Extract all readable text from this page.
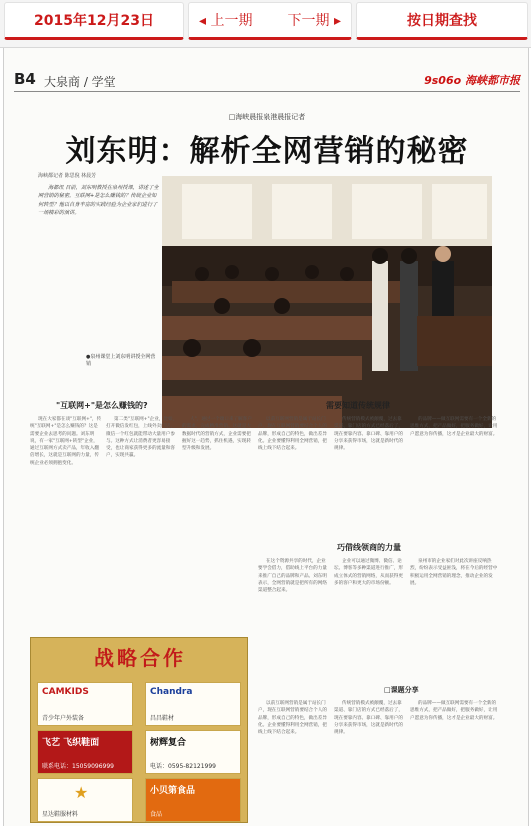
2015年12月23日	◂ 上一期	下一期 ▸	按日期查找
B4 大泉商 / 学堂	9s06o 海峡都市报
□海峡晨报泉港晨报记者
刘东明：解析全网营销的秘密
海峡都记者 陈思倪 林晨芳

海都讯 日前，刘东明教授在泉州授课，讲述了全网营销的秘密。互联网+是怎么赚钱的？传统企业如何转型？他以自身丰富的实践经验为企业家们进行了一场精彩的演讲。

●泉州课堂上刘东明讲授全网营销
"互联网+"是怎么赚钱的?	需要知道传统规律
巧借线领商的力量
□课题分享
现在大家都在谈"互联网+"，传统"互联网+"是怎么赚钱的？这是需要企业去思考的问题。刘东明说，有一家"互联网+转型"企业，通过互联网方式卖产品，年收入翻倍增长，这就是互联网的力量，传统企业必须拥抱变化。
第二类"互联网+"企业，比如，打开微信发红包，上线外卖门店，微信一个红包就能带动大量用户参与。这种方式让消费者更容易接受，也让商家获得更多的流量和客户，实现共赢。
人"，通过一个端口来了解客户的需求，完成精准营销。这就是大数据时代的营销方式，企业需要把握好这一趋势，抓住机遇，实现转型升级和发展。
以前互联网营销是属于站长门户，现在互联网营销要结合个人的品牌，形成自己的特色，做出差异化。企业要懂得利用全网营销，把线上线下结合起来。
传统营销模式被颠覆，过去靠渠道、靠门店的方式已经落后了，现在要靠内容、靠口碑、靠用户的分享来获得市场，这就是新时代的规律。
的品牌——做互联网需要有一个全新的思维方式，把产品做好，把服务做好，让用户愿意为你传播，这才是企业最大的财富。
在这个资源共享的时代，企业要学会借力，借助线上平台的力量来推广自己的品牌和产品。刘东明表示，全网营销就是把所有的网络渠道整合起来。
企业可以通过微博、微信、论坛、博客等多种渠道进行推广，形成立体式的营销网络，从而获得更多的客户和更大的市场份额。
泉州市的企业家们对此次讲座反响热烈，纷纷表示受益匪浅，将在今后的经营中积极运用全网营销的理念，推动企业的发展。
以前互联网营销是属于站长门户，现在互联网营销要结合个人的品牌，形成自己的特色，做出差异化。企业要懂得利用全网营销，把线上线下结合起来。
传统营销模式被颠覆，过去靠渠道、靠门店的方式已经落后了，现在要靠内容、靠口碑、靠用户的分享来获得市场，这就是新时代的规律。
的品牌——做互联网需要有一个全新的思维方式，把产品做好，把服务做好，让用户愿意为你传播，这才是企业最大的财富。
战略合作
CAMKIDS
青少年户外装备
Chandra
昌昌鞋材
飞艺 飞织鞋面
联系电话：15059096999
树辉复合
电话：0595-82121999
★
星达鞋服材料
小贝第食品
食品
